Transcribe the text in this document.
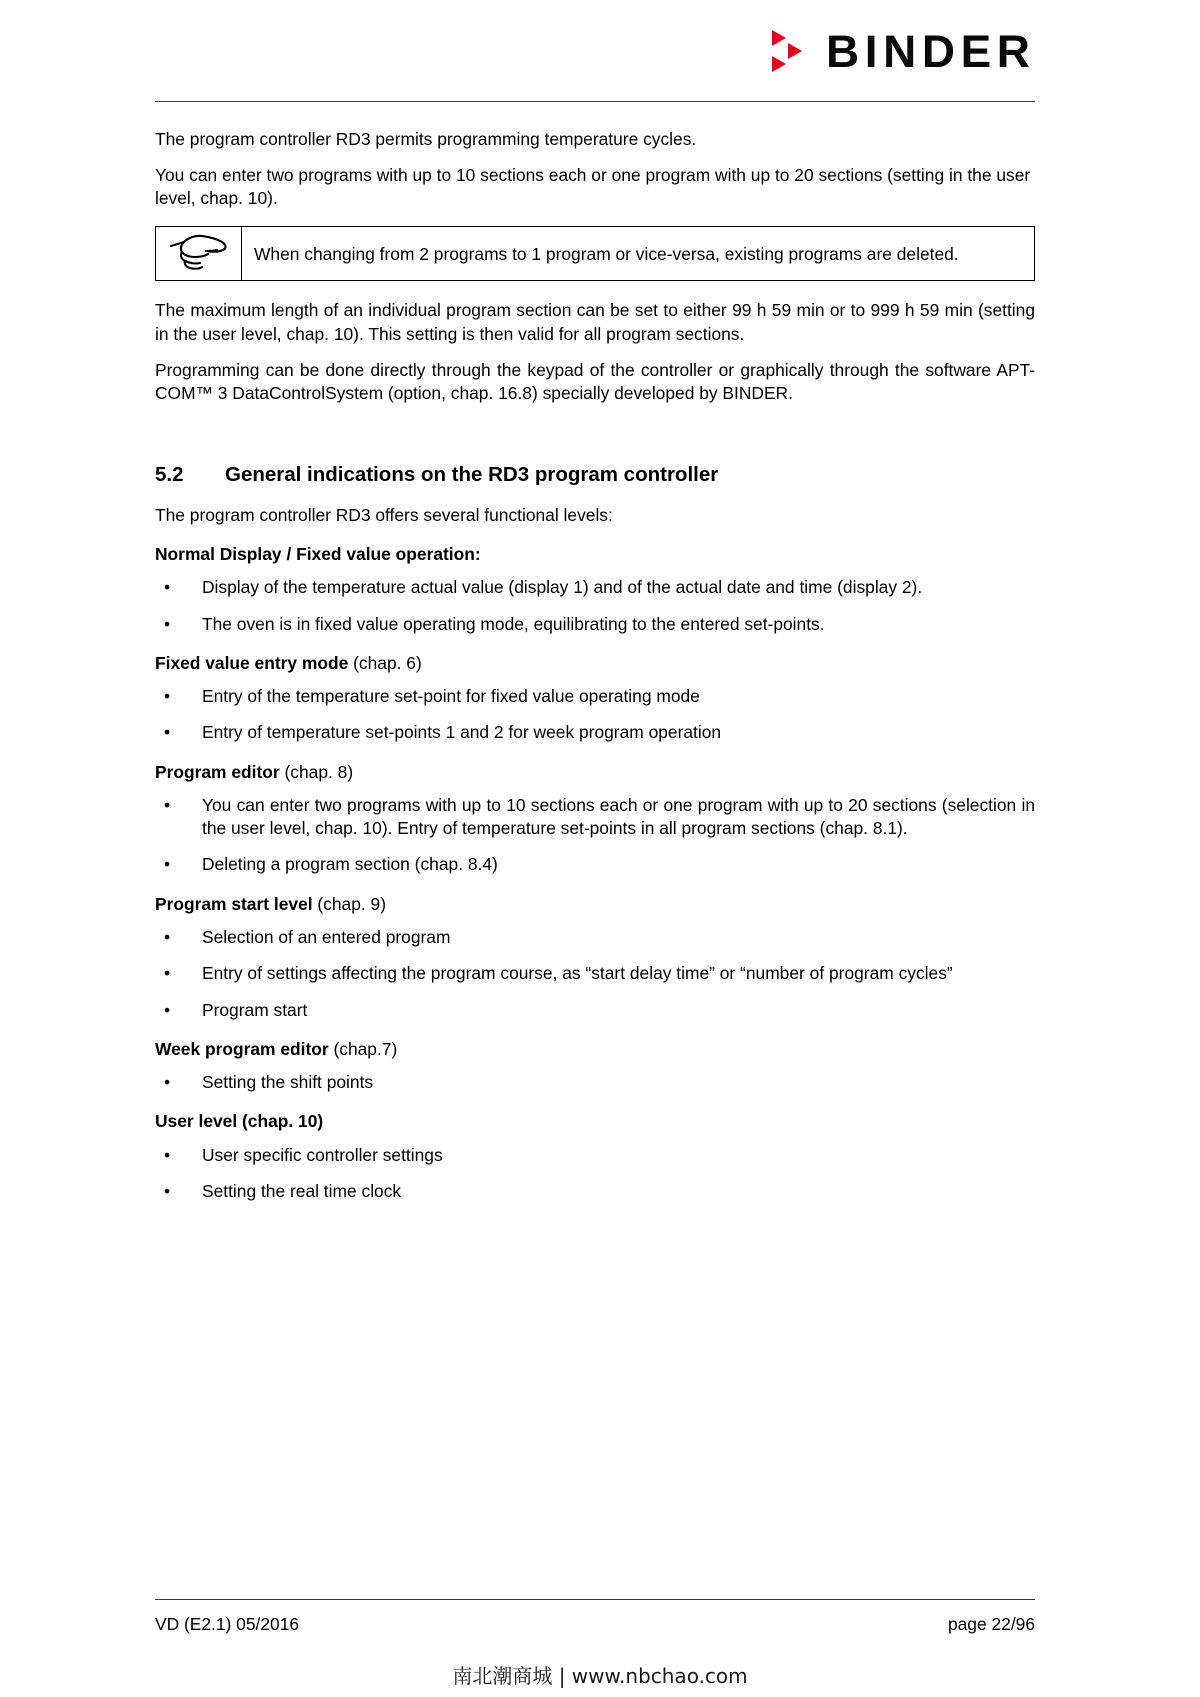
BINDER

The program controller RD3 permits programming temperature cycles.

You can enter two programs with up to 10 sections each or one program with up to 20 sections (setting in the user level, chap. 10).

When changing from 2 programs to 1 program or vice-versa, existing programs are deleted.

The maximum length of an individual program section can be set to either 99 h 59 min or to 999 h 59 min (setting in the user level, chap. 10). This setting is then valid for all program sections.

Programming can be done directly through the keypad of the controller or graphically through the software APT-COM™ 3 DataControlSystem (option, chap. 16.8) specially developed by BINDER.

5.2	General indications on the RD3 program controller

The program controller RD3 offers several functional levels:

Normal Display / Fixed value operation:
• Display of the temperature actual value (display 1) and of the actual date and time (display 2).
• The oven is in fixed value operating mode, equilibrating to the entered set-points.
Fixed value entry mode (chap. 6)
• Entry of the temperature set-point for fixed value operating mode
• Entry of temperature set-points 1 and 2 for week program operation
Program editor (chap. 8)
• You can enter two programs with up to 10 sections each or one program with up to 20 sections (selection in the user level, chap. 10). Entry of temperature set-points in all program sections (chap. 8.1).
• Deleting a program section (chap. 8.4)
Program start level (chap. 9)
• Selection of an entered program
• Entry of settings affecting the program course, as “start delay time” or “number of program cycles”
• Program start
Week program editor (chap.7)
• Setting the shift points
User level (chap. 10)
• User specific controller settings
• Setting the real time clock
VD (E2.1) 05/2016	page 22/96
南北潮商城 | www.nbchao.com
